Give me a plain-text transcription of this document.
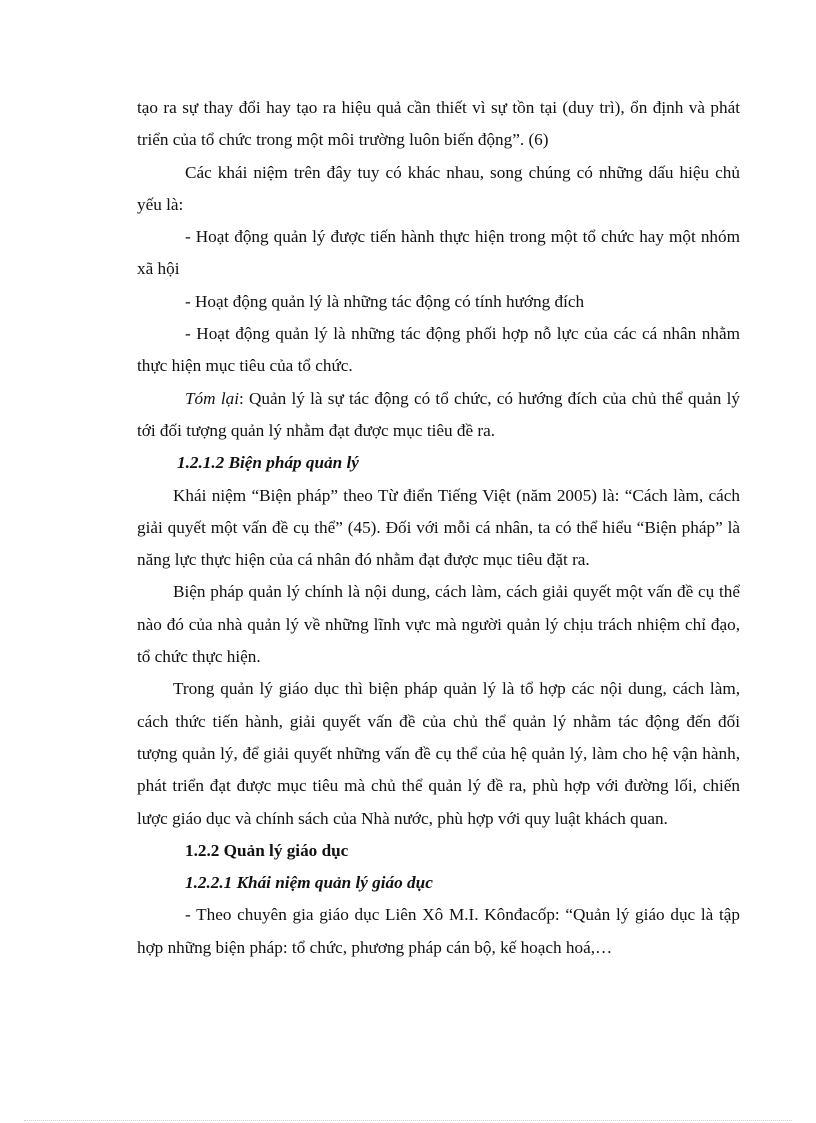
tạo ra sự thay đổi hay tạo ra hiệu quả cần thiết vì sự tồn tại (duy trì), ổn định và phát triển của tổ chức trong một môi trường luôn biến động”. (6)

Các khái niệm trên đây tuy có khác nhau, song chúng có những dấu hiệu chủ yếu là:

- Hoạt động quản lý được tiến hành thực hiện trong một tổ chức hay một nhóm xã hội

- Hoạt động quản lý là những tác động có tính hướng đích

- Hoạt động quản lý là những tác động phối hợp nỗ lực của các cá nhân nhằm thực hiện mục tiêu của tổ chức.

Tóm lại: Quản lý là sự tác động có tổ chức, có hướng đích của chủ thể quản lý tới đối tượng quản lý nhằm đạt được mục tiêu đề ra.

1.2.1.2 Biện pháp quản lý

Khái niệm “Biện pháp” theo Từ điển Tiếng Việt (năm 2005) là: “Cách làm, cách giải quyết một vấn đề cụ thể” (45). Đối với mỗi cá nhân, ta có thể hiểu “Biện pháp” là năng lực thực hiện của cá nhân đó nhằm đạt được mục tiêu đặt ra.

Biện pháp quản lý chính là nội dung, cách làm, cách giải quyết một vấn đề cụ thể nào đó của nhà quản lý về những lĩnh vực mà người quản lý chịu trách nhiệm chỉ đạo, tổ chức thực hiện.

Trong quản lý giáo dục thì biện pháp quản lý là tổ hợp các nội dung, cách làm, cách thức tiến hành, giải quyết vấn đề của chủ thể quản lý nhằm tác động đến đối tượng quản lý, để giải quyết những vấn đề cụ thể của hệ quản lý, làm cho hệ vận hành, phát triển đạt được mục tiêu mà chủ thể quản lý đề ra, phù hợp với đường lối, chiến lược giáo dục và chính sách của Nhà nước, phù hợp với quy luật khách quan.

1.2.2 Quản lý giáo dục

1.2.2.1 Khái niệm quản lý giáo dục

- Theo chuyên gia giáo dục Liên Xô M.I. Kônđacốp: “Quản lý giáo dục là tập hợp những biện pháp: tổ chức, phương pháp cán bộ, kế hoạch hoá,…
